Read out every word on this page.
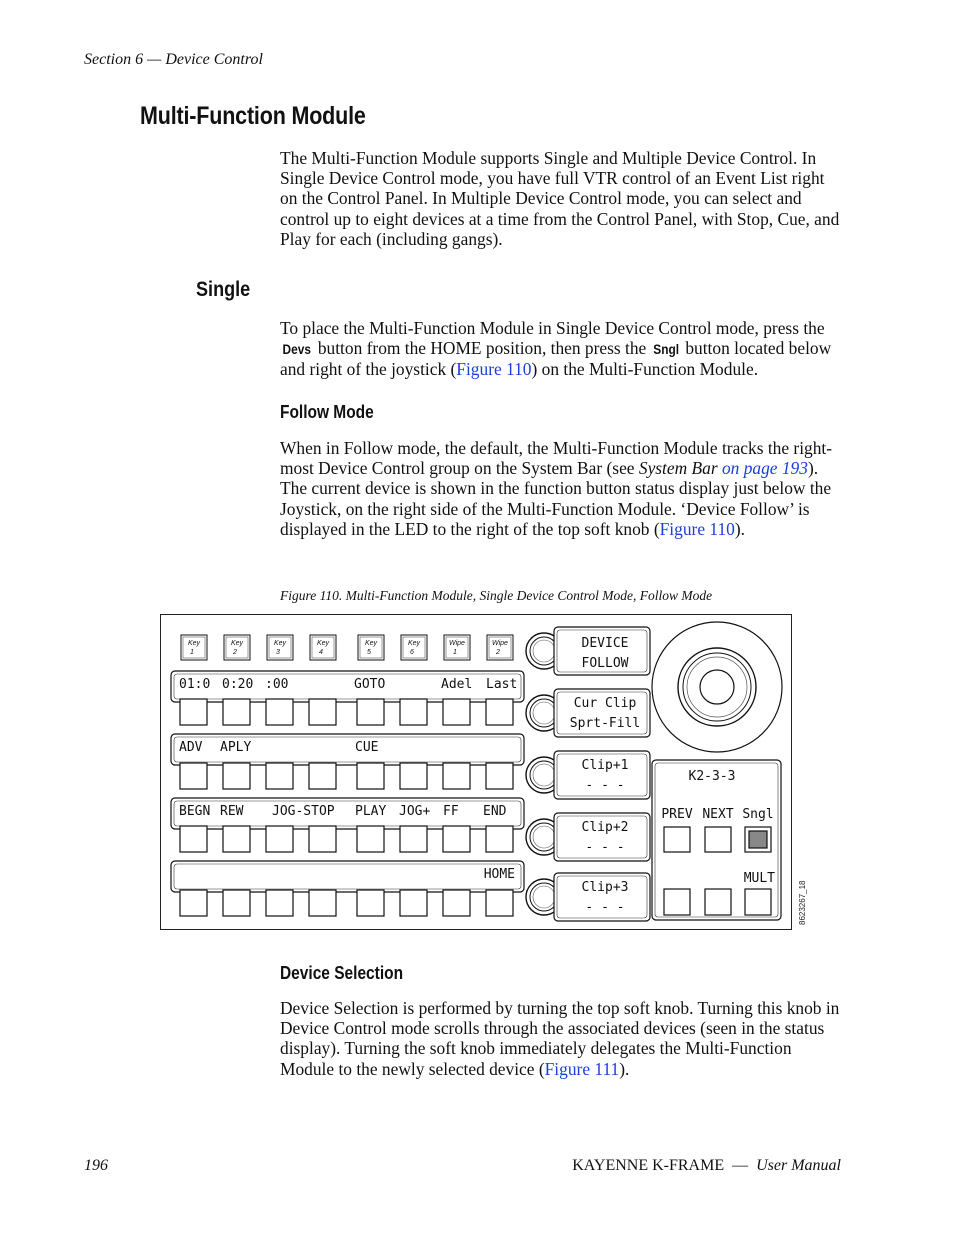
Section 6 — Device Control
Multi-Function Module

The Multi-Function Module supports Single and Multiple Device Control. In Single Device Control mode, you have full VTR control of an Event List right on the Control Panel. In Multiple Device Control mode, you can select and control up to eight devices at a time from the Control Panel, with Stop, Cue, and Play for each (including gangs).

Single

To place the Multi-Function Module in Single Device Control mode, press the Devs button from the HOME position, then press the Sngl button located below and right of the joystick (Figure 110) on the Multi-Function Module.

Follow Mode

When in Follow mode, the default, the Multi-Function Module tracks the right-most Device Control group on the System Bar (see System Bar on page 193). The current device is shown in the function button status display just below the Joystick, on the right side of the Multi-Function Module. ‘Device Follow’ is displayed in the LED to the right of the top soft knob (Figure 110).

Figure 110. Multi-Function Module, Single Device Control Mode, Follow Mode
Key
1
Key
2
Key
3
Key
4
Key
5
Key
6
Wipe
1
Wipe
2
01:0 0:20 :00	GOTO	Adel Last
ADV APLY	CUE
BEGN REW JOG-STOP PLAY JOG+ FF END
HOME
DEVICE
FOLLOW
Cur Clip
Sprt-Fill
Clip+1
- - -
Clip+2
- - -
Clip+3
- - -
K2-3-3
PREV NEXT Sngl
MULT
8623267_18
Device Selection

Device Selection is performed by turning the top soft knob. Turning this knob in Device Control mode scrolls through the associated devices (seen in the status display). Turning the soft knob immediately delegates the Multi-Function Module to the newly selected device (Figure 111).

196	KAYENNE K-FRAME — User Manual
